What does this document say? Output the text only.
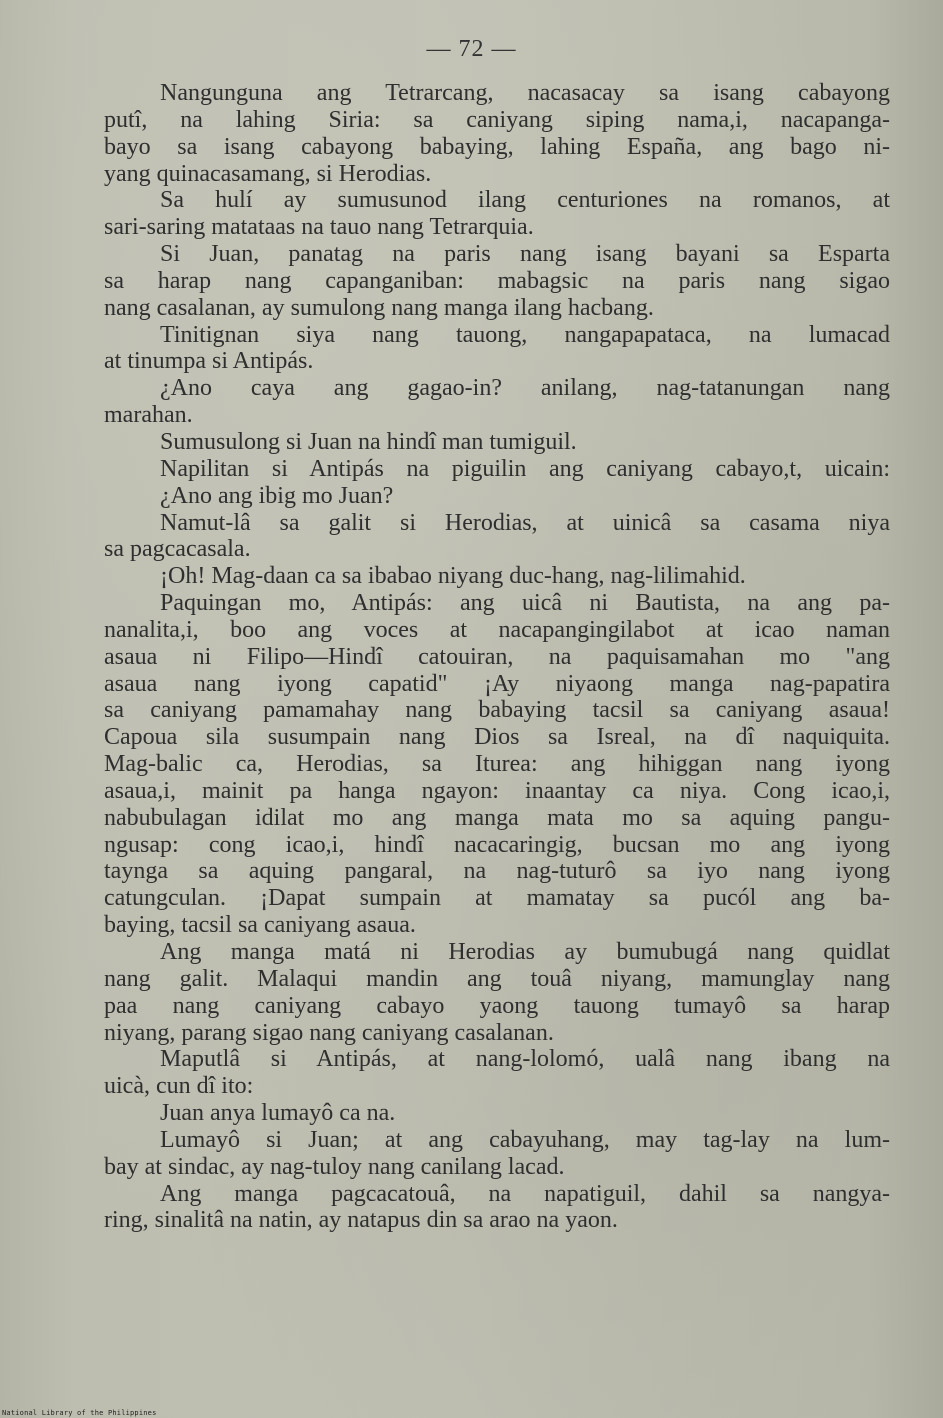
— 72 —
Nangunguna ang Tetrarcang, nacasacay sa isang cabayong
putî, na lahing Siria: sa caniyang siping nama,i, nacapanga-
bayo sa isang cabayong babaying, lahing España, ang bago ni-
yang quinacasamang, si Herodias.
Sa hulí ay sumusunod ilang centuriones na romanos, at
sari-saring matataas na tauo nang Tetrarquia.
Si Juan, panatag na paris nang isang bayani sa Esparta
sa harap nang capanganiban: mabagsic na paris nang sigao
nang casalanan, ay sumulong nang manga ilang hacbang.
Tinitignan siya nang tauong, nangapapataca, na lumacad
at tinumpa si Antipás.
¿Ano caya ang gagao-in? anilang, nag-tatanungan nang
marahan.
Sumusulong si Juan na hindî man tumiguil.
Napilitan si Antipás na piguilin ang caniyang cabayo,t, uicain:
¿Ano ang ibig mo Juan?
Namut-lâ sa galit si Herodias, at uinicâ sa casama niya
sa pagcacasala.
¡Oh! Mag-daan ca sa ibabao niyang duc-hang, nag-lilimahid.
Paquingan mo, Antipás: ang uicâ ni Bautista, na ang pa-
nanalita,i, boo ang voces at nacapangingilabot at icao naman
asaua ni Filipo—Hindî catouiran, na paquisamahan mo "ang
asaua nang iyong capatid" ¡Ay niyaong manga nag-papatira
sa caniyang pamamahay nang babaying tacsil sa caniyang asaua!
Capoua sila susumpain nang Dios sa Isreal, na dî naquiquita.
Mag-balic ca, Herodias, sa Iturea: ang hihiggan nang iyong
asaua,i, mainit pa hanga ngayon: inaantay ca niya. Cong icao,i,
nabubulagan idilat mo ang manga mata mo sa aquing pangu-
ngusap: cong icao,i, hindî nacacaringig, bucsan mo ang iyong
taynga sa aquing pangaral, na nag-tuturô sa iyo nang iyong
catungculan. ¡Dapat sumpain at mamatay sa pucól ang ba-
baying, tacsil sa caniyang asaua.
Ang manga matá ni Herodias ay bumubugá nang quidlat
nang galit. Malaqui mandin ang touâ niyang, mamunglay nang
paa nang caniyang cabayo yaong tauong tumayô sa harap
niyang, parang sigao nang caniyang casalanan.
Maputlâ si Antipás, at nang-lolomó, ualâ nang ibang na
uicà, cun dî ito:
Juan anya lumayô ca na.
Lumayô si Juan; at ang cabayuhang, may tag-lay na lum-
bay at sindac, ay nag-tuloy nang canilang lacad.
Ang manga pagcacatouâ, na napatiguil, dahil sa nangya-
ring, sinalitâ na natin, ay natapus din sa arao na yaon.
National Library of the Philippines
